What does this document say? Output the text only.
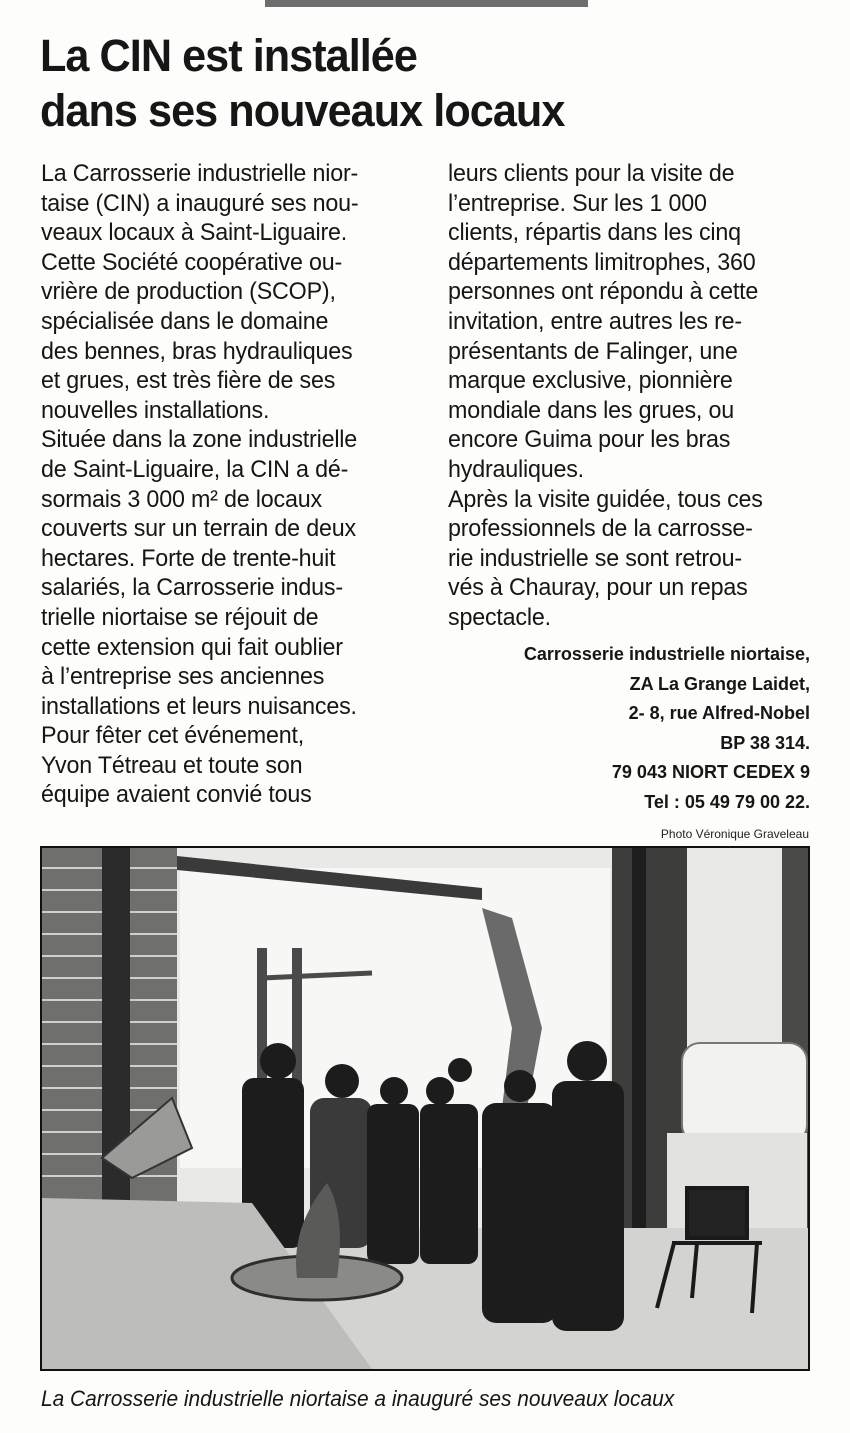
La CIN est installée
dans ses nouveaux locaux
La Carrosserie industrielle nior-
taise (CIN) a inauguré ses nou-
veaux locaux à Saint-Liguaire.
Cette Société coopérative ou-
vrière de production (SCOP),
spécialisée dans le domaine
des bennes, bras hydrauliques
et grues, est très fière de ses
nouvelles installations.
Située dans la zone industrielle
de Saint-Liguaire, la CIN a dé-
sormais 3 000 m² de locaux
couverts sur un terrain de deux
hectares. Forte de trente-huit
salariés, la Carrosserie indus-
trielle niortaise se réjouit de
cette extension qui fait oublier
à l’entreprise ses anciennes
installations et leurs nuisances.
Pour fêter cet événement,
Yvon Tétreau et toute son
équipe avaient convié tous
leurs clients pour la visite de
l’entreprise. Sur les 1 000
clients, répartis dans les cinq
départements limitrophes, 360
personnes ont répondu à cette
invitation, entre autres les re-
présentants de Falinger, une
marque exclusive, pionnière
mondiale dans les grues, ou
encore Guima pour les bras
hydrauliques.
Après la visite guidée, tous ces
professionnels de la carrosse-
rie industrielle se sont retrou-
vés à Chauray, pour un repas
spectacle.
Carrosserie industrielle niortaise,
ZA La Grange Laidet,
2- 8, rue Alfred-Nobel
BP 38 314.
79 043 NIORT CEDEX 9
Tel : 05 49 79 00 22.
Photo Véronique Graveleau
La Carrosserie industrielle niortaise a inauguré ses nouveaux locaux
